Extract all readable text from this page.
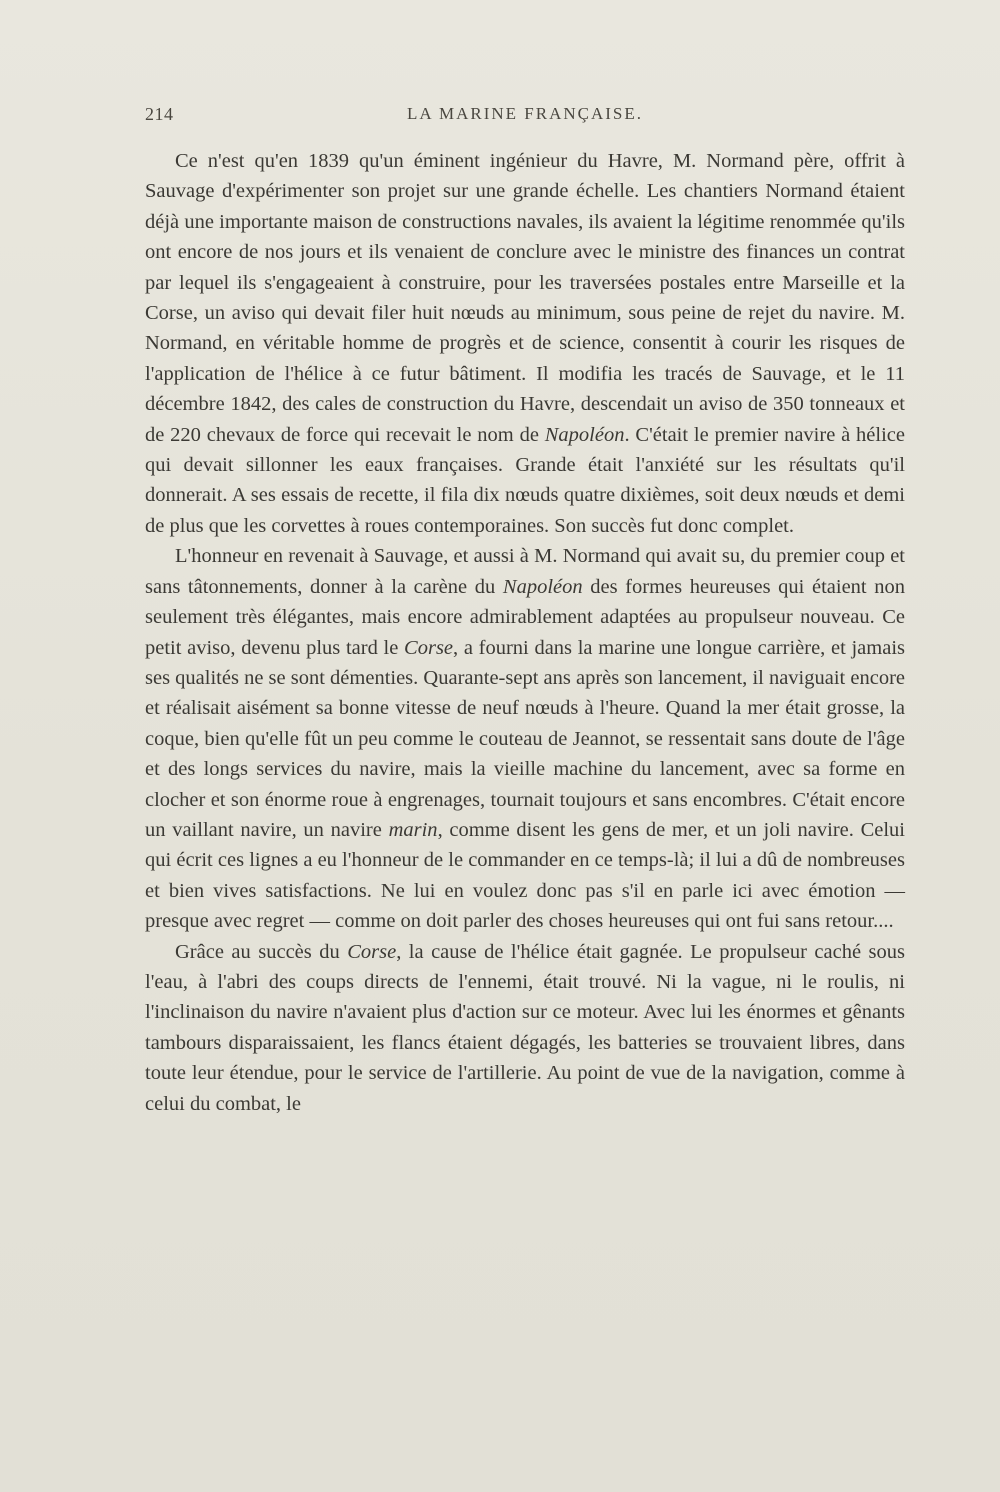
214	LA MARINE FRANÇAISE.

Ce n'est qu'en 1839 qu'un éminent ingénieur du Havre, M. Normand père, offrit à Sauvage d'expérimenter son projet sur une grande échelle. Les chantiers Normand étaient déjà une importante maison de constructions navales, ils avaient la légitime renommée qu'ils ont encore de nos jours et ils venaient de conclure avec le ministre des finances un contrat par lequel ils s'engageaient à construire, pour les traversées postales entre Marseille et la Corse, un aviso qui devait filer huit nœuds au minimum, sous peine de rejet du navire. M. Normand, en véritable homme de progrès et de science, consentit à courir les risques de l'application de l'hélice à ce futur bâtiment. Il modifia les tracés de Sauvage, et le 11 décembre 1842, des cales de construction du Havre, descendait un aviso de 350 tonneaux et de 220 chevaux de force qui recevait le nom de Napoléon. C'était le premier navire à hélice qui devait sillonner les eaux françaises. Grande était l'anxiété sur les résultats qu'il donnerait. A ses essais de recette, il fila dix nœuds quatre dixièmes, soit deux nœuds et demi de plus que les corvettes à roues contemporaines. Son succès fut donc complet.

L'honneur en revenait à Sauvage, et aussi à M. Normand qui avait su, du premier coup et sans tâtonnements, donner à la carène du Napoléon des formes heureuses qui étaient non seulement très élégantes, mais encore admirablement adaptées au propulseur nouveau. Ce petit aviso, devenu plus tard le Corse, a fourni dans la marine une longue carrière, et jamais ses qualités ne se sont démenties. Quarante-sept ans après son lancement, il naviguait encore et réalisait aisément sa bonne vitesse de neuf nœuds à l'heure. Quand la mer était grosse, la coque, bien qu'elle fût un peu comme le couteau de Jeannot, se ressentait sans doute de l'âge et des longs services du navire, mais la vieille machine du lancement, avec sa forme en clocher et son énorme roue à engrenages, tournait toujours et sans encombres. C'était encore un vaillant navire, un navire marin, comme disent les gens de mer, et un joli navire. Celui qui écrit ces lignes a eu l'honneur de le commander en ce temps-là; il lui a dû de nombreuses et bien vives satisfactions. Ne lui en voulez donc pas s'il en parle ici avec émotion — presque avec regret — comme on doit parler des choses heureuses qui ont fui sans retour....

Grâce au succès du Corse, la cause de l'hélice était gagnée. Le propulseur caché sous l'eau, à l'abri des coups directs de l'ennemi, était trouvé. Ni la vague, ni le roulis, ni l'inclinaison du navire n'avaient plus d'action sur ce moteur. Avec lui les énormes et gênants tambours disparaissaient, les flancs étaient dégagés, les batteries se trouvaient libres, dans toute leur étendue, pour le service de l'artillerie. Au point de vue de la navigation, comme à celui du combat, le
